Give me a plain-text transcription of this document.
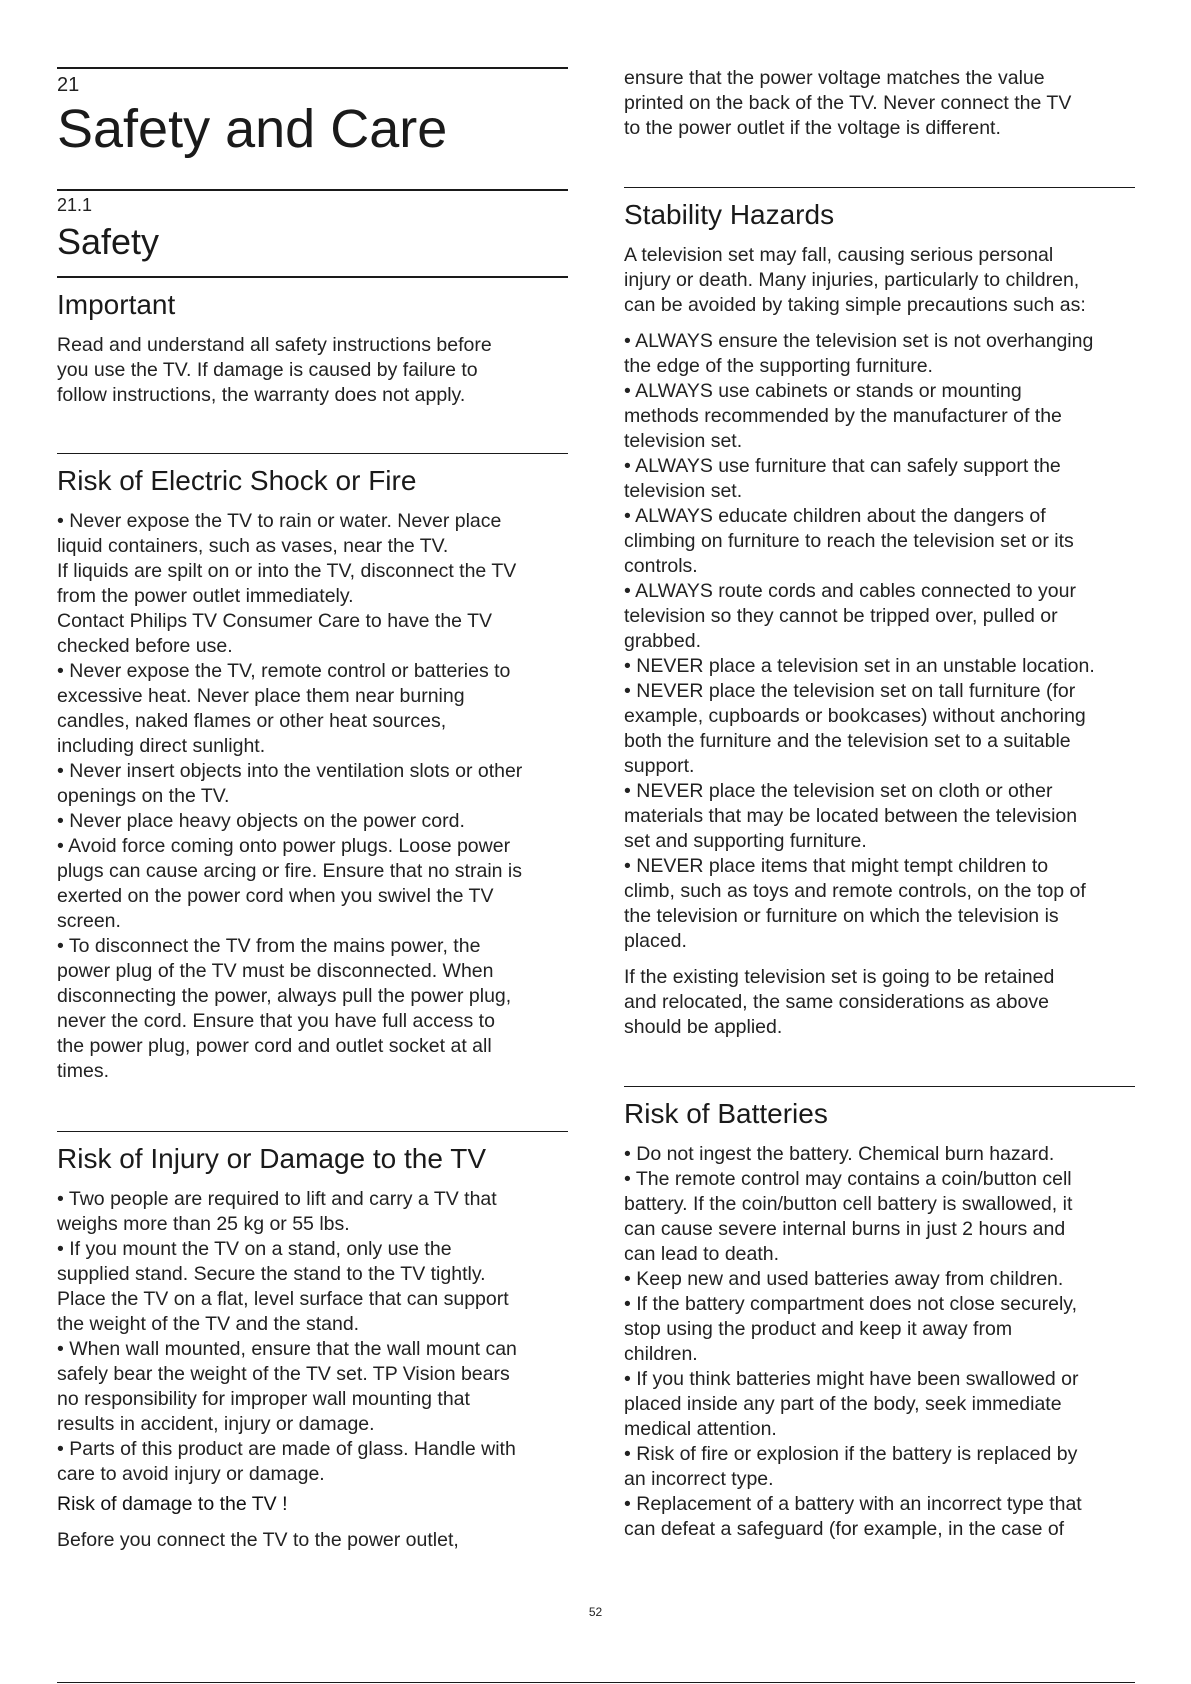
21
Safety and Care
21.1
Safety
Important

Read and understand all safety instructions before

you use the TV. If damage is caused by failure to

follow instructions, the warranty does not apply.

Risk of Electric Shock or Fire

• Never expose the TV to rain or water. Never place

liquid containers, such as vases, near the TV.

If liquids are spilt on or into the TV, disconnect the TV

from the power outlet immediately.

Contact Philips TV Consumer Care to have the TV

checked before use.

• Never expose the TV, remote control or batteries to

excessive heat. Never place them near burning

candles, naked flames or other heat sources,

including direct sunlight.

• Never insert objects into the ventilation slots or other

openings on the TV.

• Never place heavy objects on the power cord.

• Avoid force coming onto power plugs. Loose power

plugs can cause arcing or fire. Ensure that no strain is

exerted on the power cord when you swivel the TV

screen.

• To disconnect the TV from the mains power, the

power plug of the TV must be disconnected. When

disconnecting the power, always pull the power plug,

never the cord. Ensure that you have full access to

the power plug, power cord and outlet socket at all

times.

Risk of Injury or Damage to the TV

• Two people are required to lift and carry a TV that

weighs more than 25 kg or 55 lbs.

• If you mount the TV on a stand, only use the

supplied stand. Secure the stand to the TV tightly.

Place the TV on a flat, level surface that can support

the weight of the TV and the stand.

• When wall mounted, ensure that the wall mount can

safely bear the weight of the TV set. TP Vision bears

no responsibility for improper wall mounting that

results in accident, injury or damage.

• Parts of this product are made of glass. Handle with

care to avoid injury or damage.

Risk of damage to the TV !

Before you connect the TV to the power outlet,

ensure that the power voltage matches the value

printed on the back of the TV. Never connect the TV

to the power outlet if the voltage is different.

Stability Hazards

A television set may fall, causing serious personal

injury or death. Many injuries, particularly to children,

can be avoided by taking simple precautions such as:

• ALWAYS ensure the television set is not overhanging

the edge of the supporting furniture.

• ALWAYS use cabinets or stands or mounting

methods recommended by the manufacturer of the

television set.

• ALWAYS use furniture that can safely support the

television set.

• ALWAYS educate children about the dangers of

climbing on furniture to reach the television set or its

controls.

• ALWAYS route cords and cables connected to your

television so they cannot be tripped over, pulled or

grabbed.

• NEVER place a television set in an unstable location.

• NEVER place the television set on tall furniture (for

example, cupboards or bookcases) without anchoring

both the furniture and the television set to a suitable

support.

• NEVER place the television set on cloth or other

materials that may be located between the television

set and supporting furniture.

• NEVER place items that might tempt children to

climb, such as toys and remote controls, on the top of

the television or furniture on which the television is

placed.

If the existing television set is going to be retained

and relocated, the same considerations as above

should be applied.

Risk of Batteries

• Do not ingest the battery. Chemical burn hazard.

• The remote control may contains a coin/button cell

battery. If the coin/button cell battery is swallowed, it

can cause severe internal burns in just 2 hours and

can lead to death.

• Keep new and used batteries away from children.

• If the battery compartment does not close securely,

stop using the product and keep it away from

children.

• If you think batteries might have been swallowed or

placed inside any part of the body, seek immediate

medical attention.

• Risk of fire or explosion if the battery is replaced by

an incorrect type.

• Replacement of a battery with an incorrect type that

can defeat a safeguard (for example, in the case of

52
